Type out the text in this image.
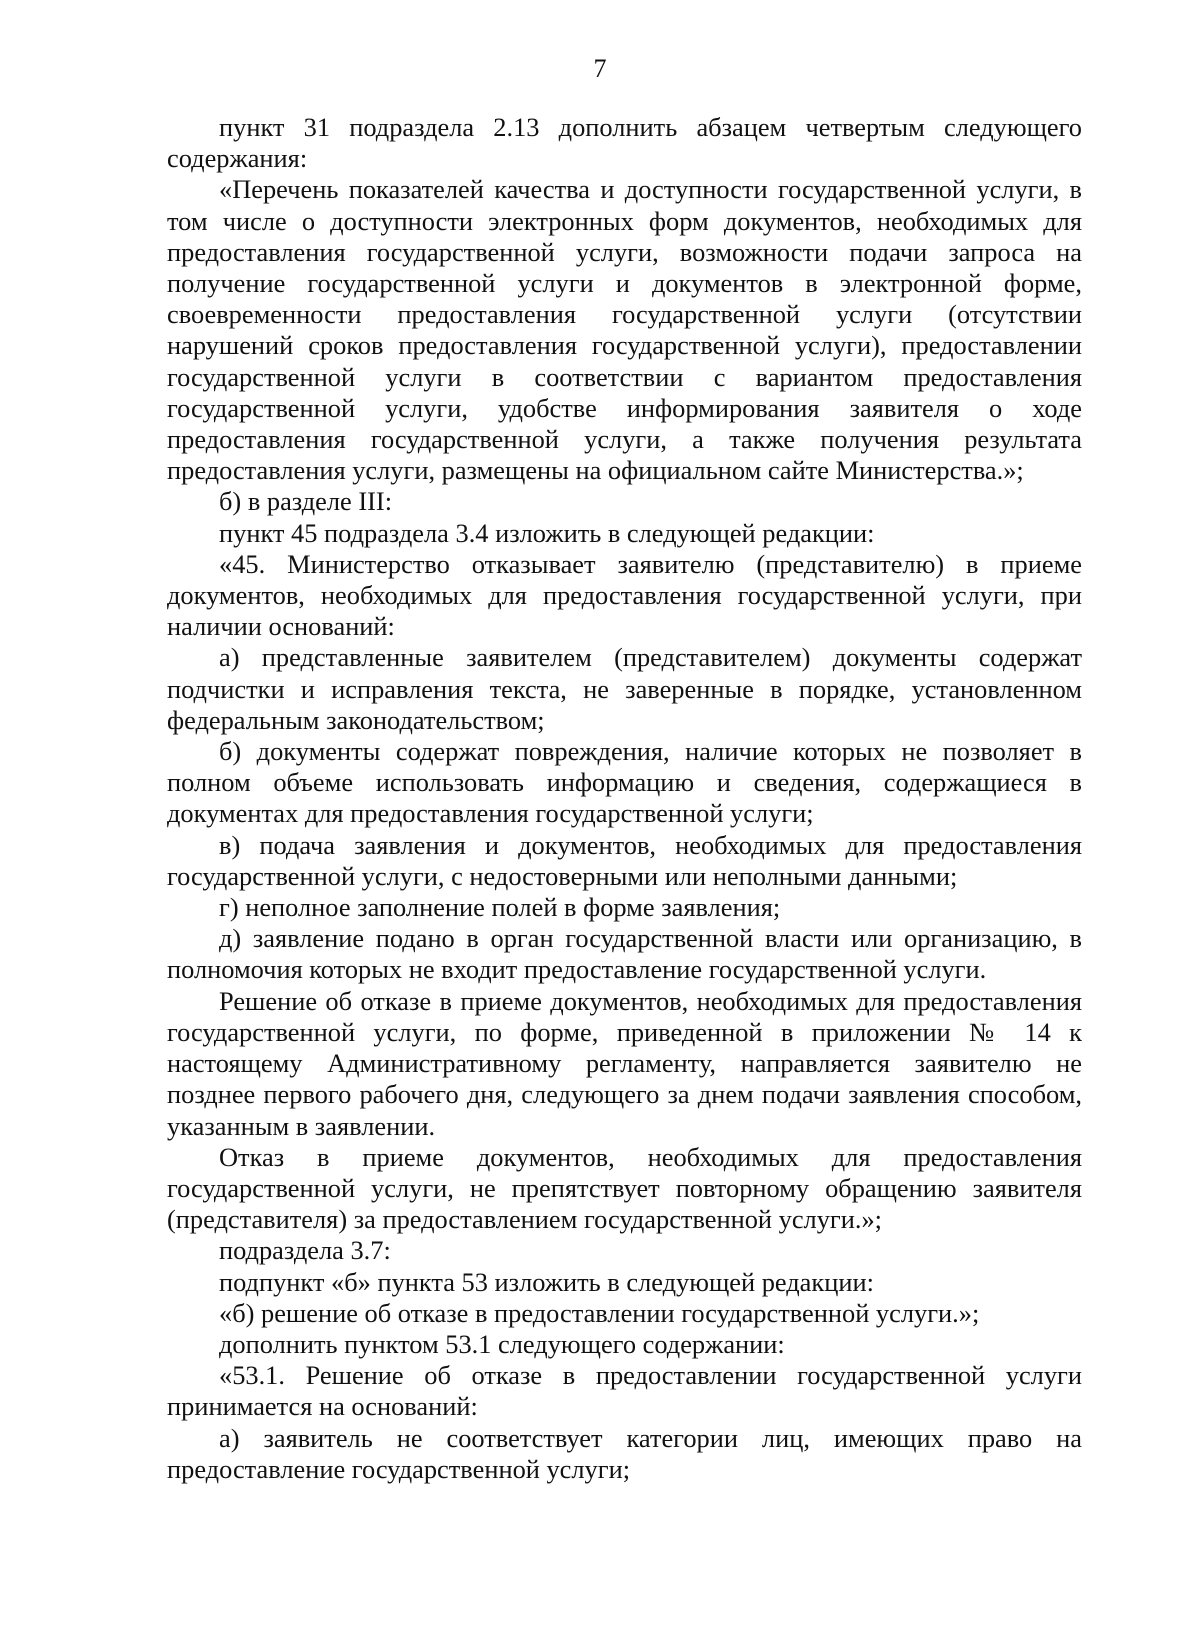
7

пункт 31 подраздела 2.13 дополнить абзацем четвертым следующего содержания:

«Перечень показателей качества и доступности государственной услуги, в том числе о доступности электронных форм документов, необходимых для предоставления государственной услуги, возможности подачи запроса на получение государственной услуги и документов в электронной форме, своевременности предоставления государственной услуги (отсутствии нарушений сроков предоставления государственной услуги), предоставлении государственной услуги в соответствии с вариантом предоставления государственной услуги, удобстве информирования заявителя о ходе предоставления государственной услуги, а также получения результата предоставления услуги, размещены на официальном сайте Министерства.»;

б) в разделе III:

пункт 45 подраздела 3.4 изложить в следующей редакции:

«45. Министерство отказывает заявителю (представителю) в приеме документов, необходимых для предоставления государственной услуги, при наличии оснований:

а) представленные заявителем (представителем) документы содержат подчистки и исправления текста, не заверенные в порядке, установленном федеральным законодательством;

б) документы содержат повреждения, наличие которых не позволяет в полном объеме использовать информацию и сведения, содержащиеся в документах для предоставления государственной услуги;

в) подача заявления и документов, необходимых для предоставления государственной услуги, с недостоверными или неполными данными;

г) неполное заполнение полей в форме заявления;

д) заявление подано в орган государственной власти или организацию, в полномочия которых не входит предоставление государственной услуги.

Решение об отказе в приеме документов, необходимых для предоставления государственной услуги, по форме, приведенной в приложении № 14 к настоящему Административному регламенту, направляется заявителю не позднее первого рабочего дня, следующего за днем подачи заявления способом, указанным в заявлении.

Отказ в приеме документов, необходимых для предоставления государственной услуги, не препятствует повторному обращению заявителя (представителя) за предоставлением государственной услуги.»;

подраздела 3.7:

подпункт «б» пункта 53 изложить в следующей редакции:

«б) решение об отказе в предоставлении государственной услуги.»;

дополнить пунктом 53.1 следующего содержании:

«53.1. Решение об отказе в предоставлении государственной услуги принимается на оснований:

а) заявитель не соответствует категории лиц, имеющих право на предоставление государственной услуги;
